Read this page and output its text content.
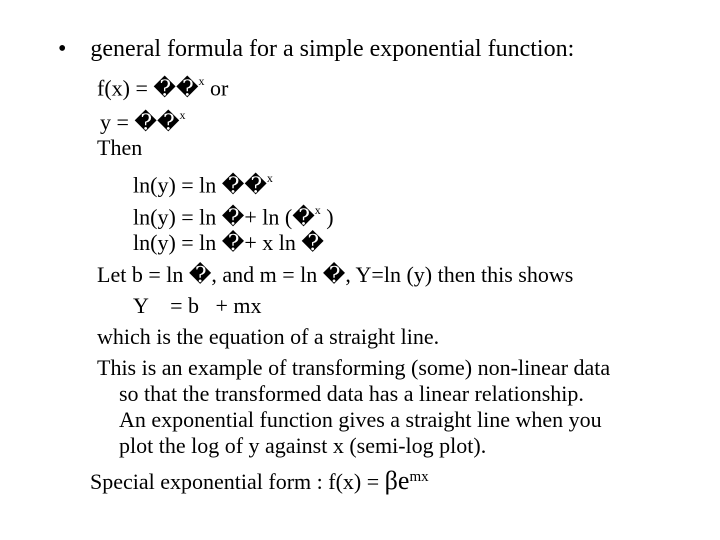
• general formula for a simple exponential function:
f(x) = ��$^x$ or
y = ��$^x$
Then
ln(y) = ln ��$^x$
ln(y) = ln �+ ln (�$^x$ )
ln(y) = ln �+ x ln �
Let b = ln �, and m = ln �, Y=ln (y) then this shows
Y    = b   + mx
which is the equation of a straight line.
This is an example of transforming (some) non-linear data
so that the transformed data has a linear relationship.
An exponential function gives a straight line when you
plot the log of y against x (semi-log plot).
Special exponential form : $f(x) = \beta e^{mx}$
